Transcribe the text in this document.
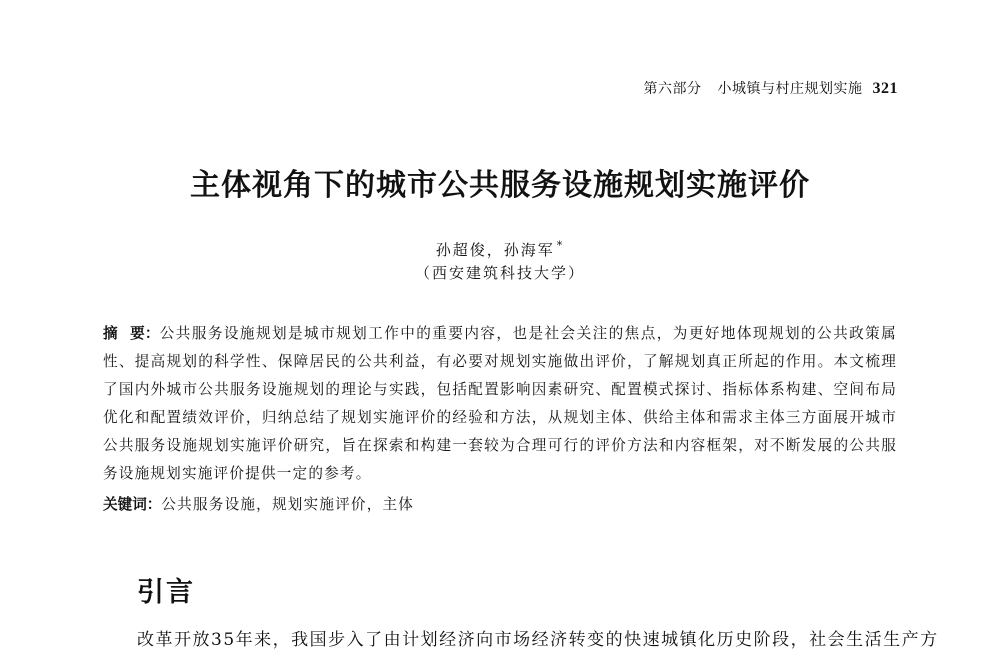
第六部分 小城镇与村庄规划实施 321
主体视角下的城市公共服务设施规划实施评价
孙超俊，孙海军 *
（西安建筑科技大学）
摘 要：公共服务设施规划是城市规划工作中的重要内容，也是社会关注的焦点，为更好地体现规划的公共政策属性、提高规划的科学性、保障居民的公共利益，有必要对规划实施做出评价，了解规划真正所起的作用。本文梳理了国内外城市公共服务设施规划的理论与实践，包括配置影响因素研究、配置模式探讨、指标体系构建、空间布局优化和配置绩效评价，归纳总结了规划实施评价的经验和方法，从规划主体、供给主体和需求主体三方面展开城市公共服务设施规划实施评价研究，旨在探索和构建一套较为合理可行的评价方法和内容框架，对不断发展的公共服务设施规划实施评价提供一定的参考。
关键词：公共服务设施，规划实施评价，主体
引言
改革开放35年来，我国步入了由计划经济向市场经济转变的快速城镇化历史阶段，社会生活生产方
